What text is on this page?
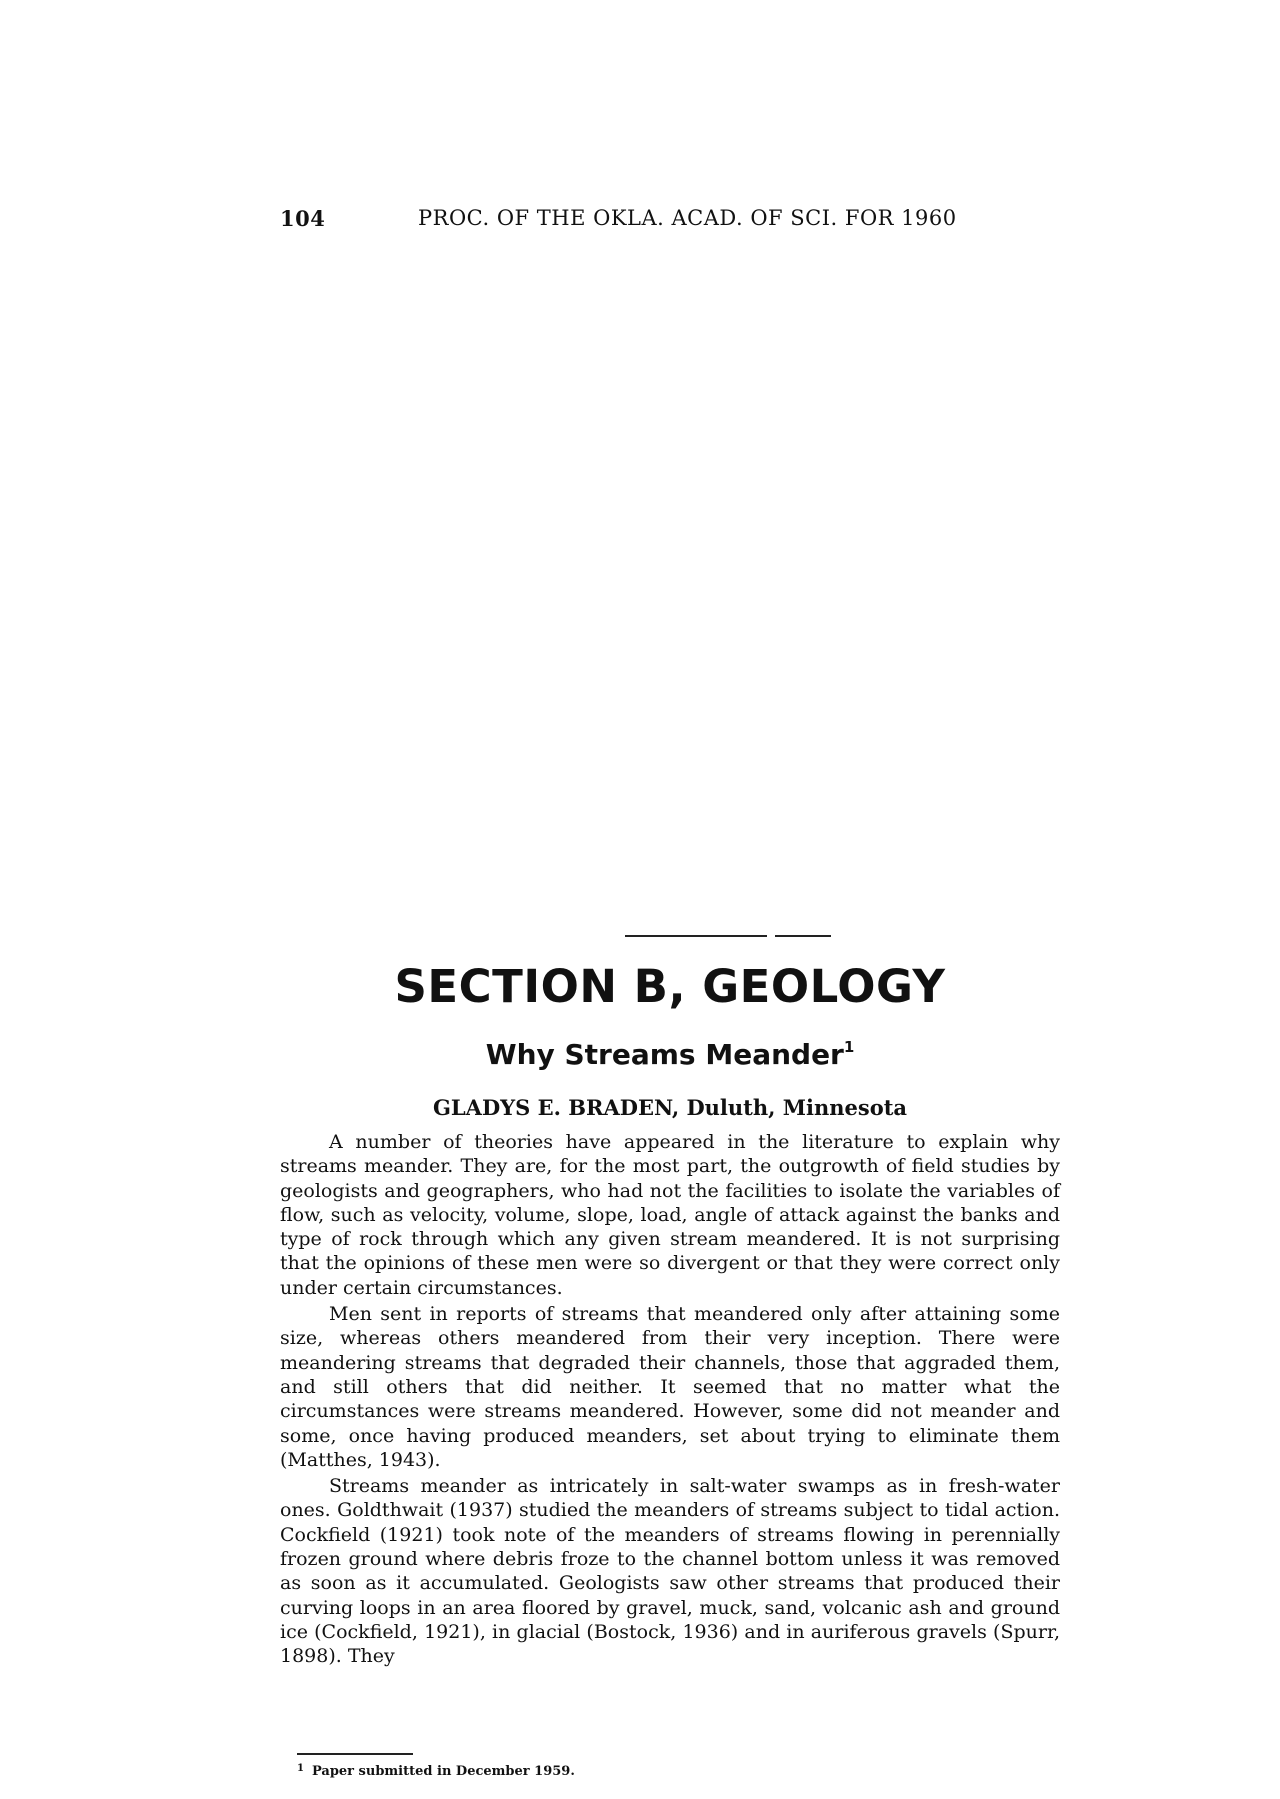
104	PROC. OF THE OKLA. ACAD. OF SCI. FOR 1960
SECTION B, GEOLOGY
Why Streams Meander$^1$
GLADYS E. BRADEN, Duluth, Minnesota

A number of theories have appeared in the literature to explain why streams meander. They are, for the most part, the outgrowth of field studies by geologists and geographers, who had not the facilities to isolate the variables of flow, such as velocity, volume, slope, load, angle of attack against the banks and type of rock through which any given stream meandered. It is not surprising that the opinions of these men were so divergent or that they were correct only under certain circumstances.

Men sent in reports of streams that meandered only after attaining some size, whereas others meandered from their very inception. There were meandering streams that degraded their channels, those that aggraded them, and still others that did neither. It seemed that no matter what the circumstances were streams meandered. However, some did not meander and some, once having produced meanders, set about trying to eliminate them (Matthes, 1943).

Streams meander as intricately in salt-water swamps as in fresh-water ones. Goldthwait (1937) studied the meanders of streams subject to tidal action. Cockfield (1921) took note of the meanders of streams flowing in perennially frozen ground where debris froze to the channel bottom unless it was removed as soon as it accumulated. Geologists saw other streams that produced their curving loops in an area floored by gravel, muck, sand, volcanic ash and ground ice (Cockfield, 1921), in glacial (Bostock, 1936) and in auriferous gravels (Spurr, 1898). They

$^1$ Paper submitted in December 1959.
